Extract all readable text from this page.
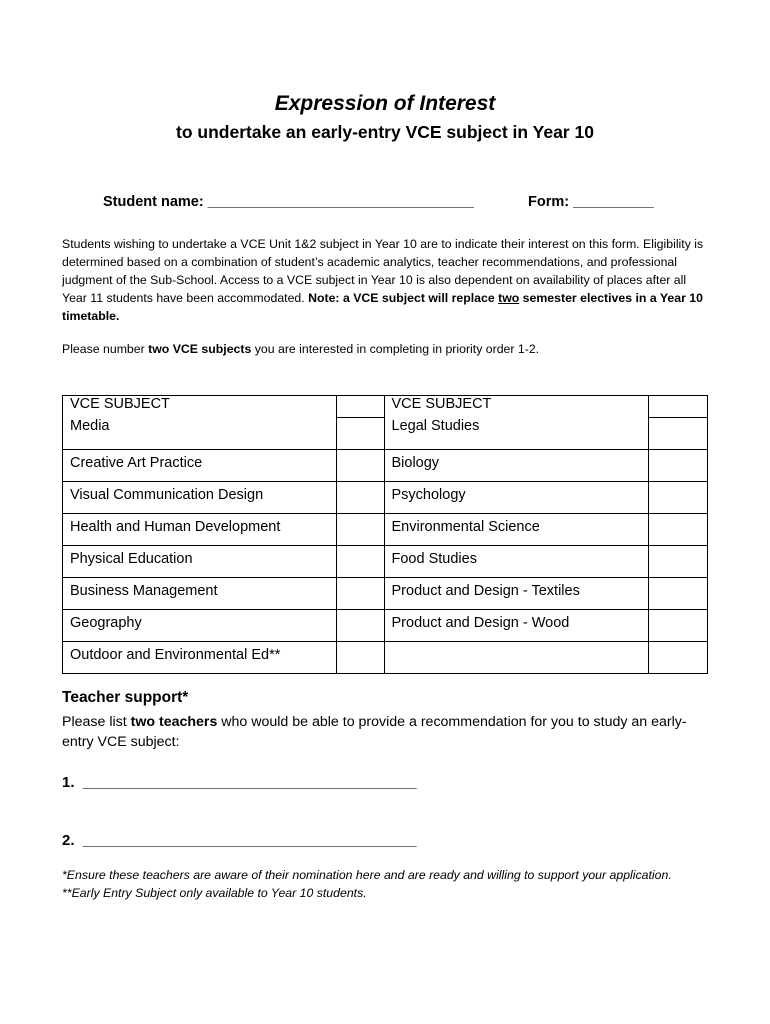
Expression of Interest
to undertake an early-entry VCE subject in Year 10
Student name: _________________________________	Form: __________
Students wishing to undertake a VCE Unit 1&2 subject in Year 10 are to indicate their interest on this form. Eligibility is determined based on a combination of student’s academic analytics, teacher recommendations, and professional judgment of the Sub-School. Access to a VCE subject in Year 10 is also dependent on availability of places after all Year 11 students have been accommodated. Note: a VCE subject will replace two semester electives in a Year 10 timetable.
Please number two VCE subjects you are interested in completing in priority order 1-2.
VCE SUBJECT		VCE SUBJECT	
Media		Legal Studies	
Creative Art Practice		Biology	
Visual Communication Design		Psychology	
Health and Human Development		Environmental Science	
Physical Education		Food Studies	
Business Management		Product and Design - Textiles	
Geography		Product and Design - Wood	
Outdoor and Environmental Ed**			
Teacher support*
Please list two teachers who would be able to provide a recommendation for you to study an early-entry VCE subject:
1.  ________________________________________
2.  ________________________________________
*Ensure these teachers are aware of their nomination here and are ready and willing to support your application.
**Early Entry Subject only available to Year 10 students.
